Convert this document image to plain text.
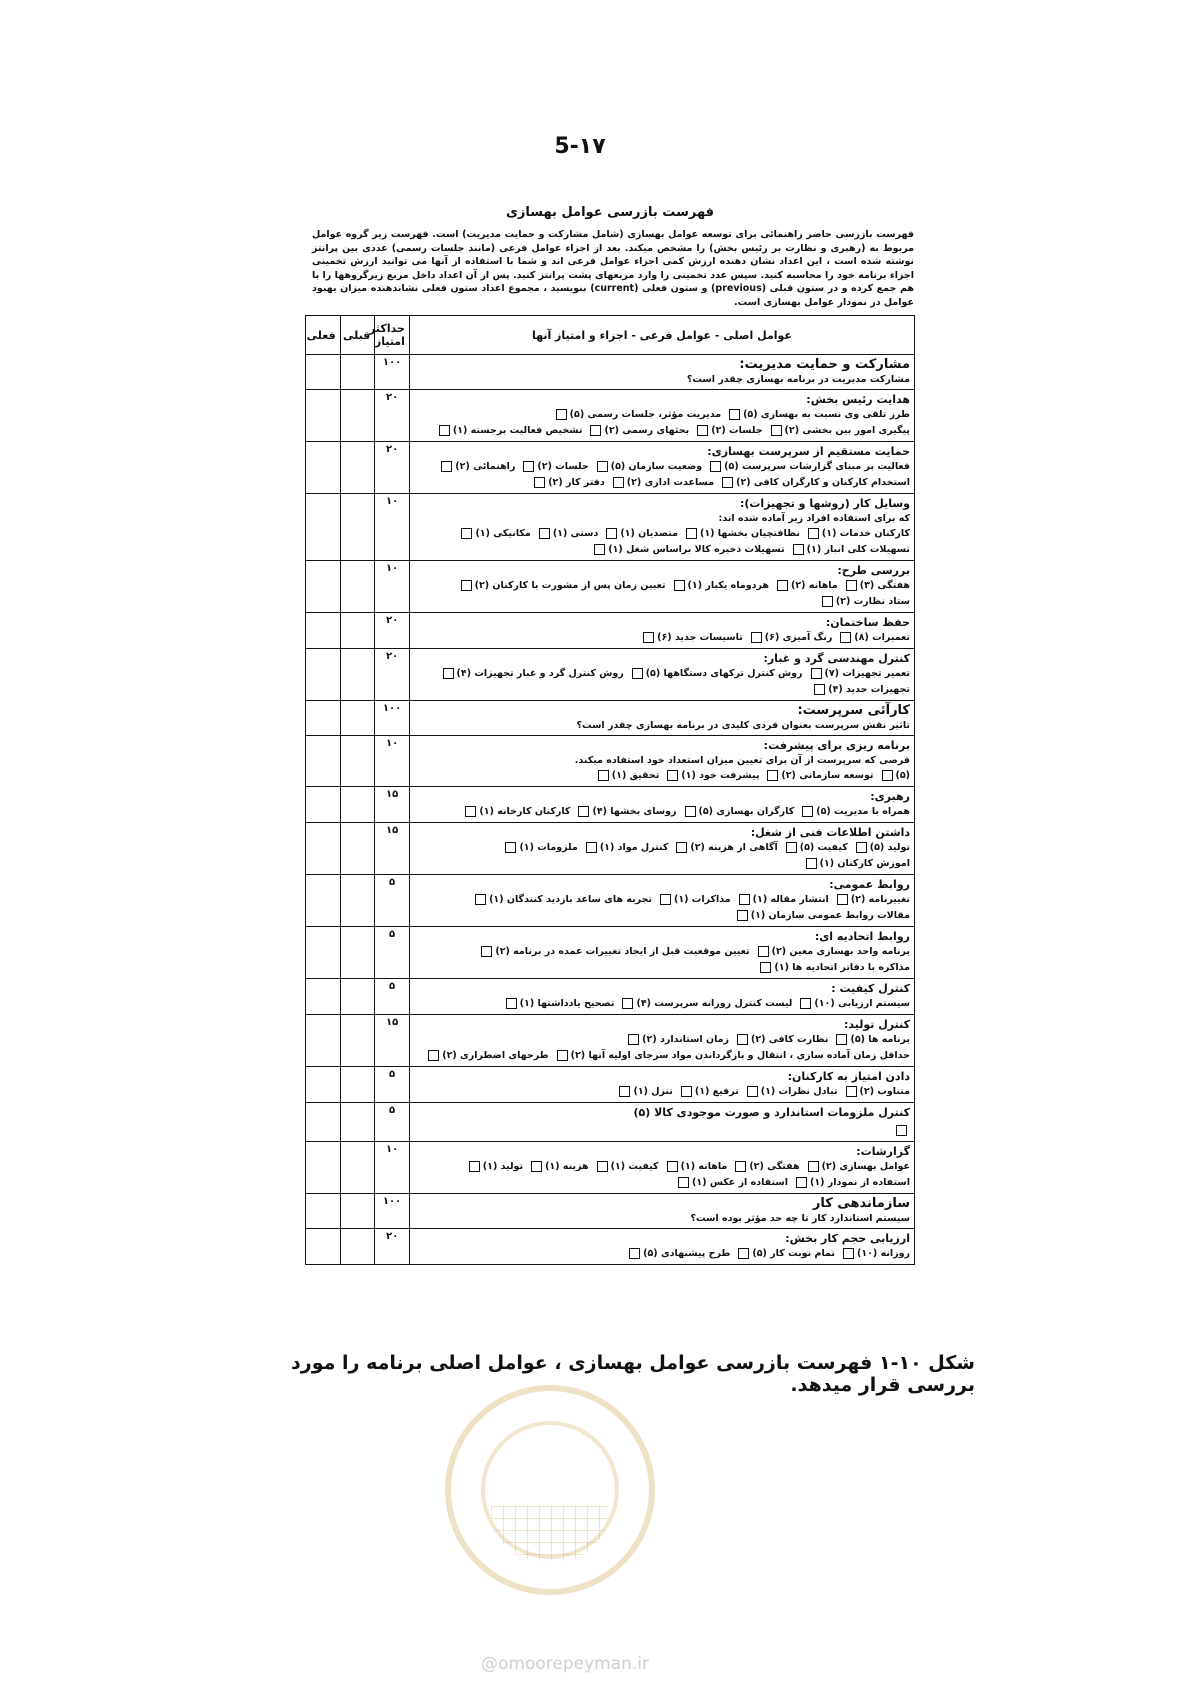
5-۱۷
فهرست بازرسی عوامل بهسازی
فهرست بازرسی حاضر راهنمائی برای توسعه عوامل بهسازی (شامل مشارکت و حمایت مدیریت) است. فهرست زیر گروه عوامل مربوط به (رهبری و نظارت بر رئیس بخش) را مشخص میکند. بعد از اجزاء عوامل فرعی (مانند جلسات رسمی) عددی بین پرانتز نوشته شده است ، این اعداد نشان دهنده ارزش کمی اجزاء عوامل فرعی اند و شما با استفاده از آنها می توانید ارزش تخمینی اجزاء برنامه خود را محاسبه کنید. سپس عدد تخمینی را وارد مربعهای پشت پرانتز کنید. پس از آن اعداد داخل مربع زیرگروهها را با هم جمع کرده و در ستون قبلی (previous) و ستون فعلی (current) بنویسید ، مجموع اعداد ستون فعلی نشاندهنده میزان بهبود عوامل در نمودار عوامل بهسازی است.
عوامل اصلی - عوامل فرعی - اجزاء و امتیاز آنها	حداکثر امتیاز	قبلی	فعلی

مشارکت و حمایت مدیریت:
مشارکت مدیریت در برنامه بهسازی چقدر است؟	۱۰۰		

هدایت رئیس بخش:
طرز تلقی وی نسبت به بهسازی (۵)مدیریت مؤثر، جلسات رسمی (۵)پیگیری امور بین بخشی (۲)جلسات (۲)بحثهای رسمی (۲)تشخیص فعالیت برجسته (۱)	۲۰		

حمایت مستقیم از سرپرست بهسازی:
فعالیت بر مبنای گزارشات سرپرست (۵)وضعیت سازمان (۵)جلسات (۲)راهنمائی (۲)استخدام کارکنان و کارگران کافی (۲)مساعدت اداری (۲)دفتر کار (۲)	۲۰		

وسایل کار (روشها و تجهیزات):
که برای استفاده افراد زیر آماده شده اند:
کارکنان خدمات (۱)نظافتچیان بخشها (۱)متصدیان (۱)دستی (۱)مکانیکی (۱)تسهیلات کلی انبار (۱)تسهیلات ذخیره کالا براساس شغل (۱)	۱۰		

بررسی طرح:
هفتگی (۳)ماهانه (۲)هردوماه یکبار (۱)تعیین زمان پس از مشورت با کارکنان (۲)ستاد نظارت (۲)	۱۰		

حفظ ساختمان:
تعمیرات (۸)رنگ آمیزی (۶)تاسیسات جدید (۶)	۲۰		

کنترل مهندسی گرد و غبار:
تعمیر تجهیزات (۷)روش کنترل ترکهای دستگاهها (۵)روش کنترل گرد و غبار تجهیزات (۴)تجهیزات جدید (۴)	۲۰		

کارآئی سرپرست:
تاثیر نقش سرپرست بعنوان فردی کلیدی در برنامه بهسازی چقدر است؟	۱۰۰		

برنامه ریزی برای پیشرفت:
فرصی که سرپرست از آن برای تعیین میزان استعداد خود استفاده میکند.
(۵)توسعه سازمانی (۲)پیشرفت خود (۱)تحقیق (۱)	۱۰		

رهبری:
همراه با مدیریت (۵)کارگران بهسازی (۵)روسای بخشها (۴)کارکنان کارخانه (۱)	۱۵		

داشتن اطلاعات فنی از شغل:
تولید (۵)کیفیت (۵)آگاهی از هزینه (۲)کنترل مواد (۱)ملزومات (۱)اموزش کارکنان (۱)	۱۵		

روابط عمومی:
تغییرنامه (۲)انتشار مقاله (۱)مذاکرات (۱)تجربه های ساعد بازدید کنندگان (۱)مقالات روابط عمومی سازمان (۱)	۵		

روابط اتحادیه ای:
برنامه واحد بهسازی معین (۲)تعیین موقعیت قبل از ایجاد تغییرات عمده در برنامه (۲)مذاکره با دفاتر اتحادیه ها (۱)	۵		

کنترل کیفیت :
سیستم ارزیابی (۱۰)لیست کنترل روزانه سرپرست (۴)تصحیح یادداشتها (۱)	۵		

کنترل تولید:
برنامه ها (۵)نظارت کافی (۲)زمان استاندارد (۲)حداقل زمان آماده سازی ، انتقال و بازگرداندن مواد سرجای اولیه آنها (۲)طرحهای اضطراری (۲)	۱۵		

دادن امتیاز به کارکنان:
متناوب (۲)تبادل نظرات (۱)ترفیع (۱)تنزل (۱)	۵		

کنترل ملزومات استاندارد و صورت موجودی کالا (۵)	۵		

گزارشات:
عوامل بهسازی (۲)هفتگی (۲)ماهانه (۱)کیفیت (۱)هزینه (۱)تولید (۱)استفاده از نمودار (۱)استفاده از عکس (۱)	۱۰		

سازماندهی کار
سیستم استاندارد کار تا چه حد مؤثر بوده است؟	۱۰۰		

ارزیابی حجم کار بخش:
روزانه (۱۰)تمام نوبت کار (۵)طرح پیشنهادی (۵)	۲۰		
شکل ۱۰-۱ فهرست بازرسی عوامل بهسازی ، عوامل اصلی برنامه را مورد بررسی قرار میدهد.
@omoorepeyman.ir
